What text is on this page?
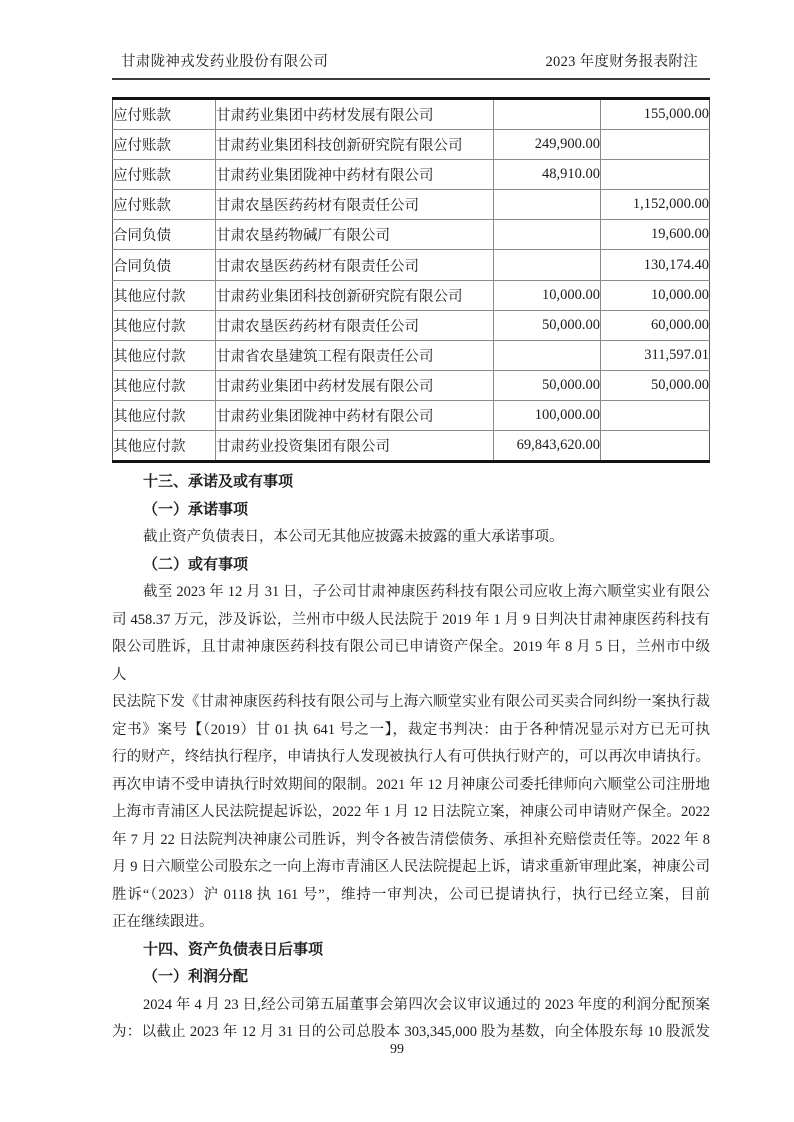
甘肃陇神戎发药业股份有限公司	2023 年度财务报表附注
应付账款	甘肃药业集团中药材发展有限公司		155,000.00
应付账款	甘肃药业集团科技创新研究院有限公司	249,900.00	
应付账款	甘肃药业集团陇神中药材有限公司	48,910.00	
应付账款	甘肃农垦医药药材有限责任公司		1,152,000.00
合同负债	甘肃农垦药物碱厂有限公司		19,600.00
合同负债	甘肃农垦医药药材有限责任公司		130,174.40
其他应付款	甘肃药业集团科技创新研究院有限公司	10,000.00	10,000.00
其他应付款	甘肃农垦医药药材有限责任公司	50,000.00	60,000.00
其他应付款	甘肃省农垦建筑工程有限责任公司		311,597.01
其他应付款	甘肃药业集团中药材发展有限公司	50,000.00	50,000.00
其他应付款	甘肃药业集团陇神中药材有限公司	100,000.00	
其他应付款	甘肃药业投资集团有限公司	69,843,620.00	
十三、承诺及或有事项
（一）承诺事项
截止资产负债表日，本公司无其他应披露未披露的重大承诺事项。
（二）或有事项
截至 2023 年 12 月 31 日，子公司甘肃神康医药科技有限公司应收上海六顺堂实业有限公
司 458.37 万元，涉及诉讼，兰州市中级人民法院于 2019 年 1 月 9 日判决甘肃神康医药科技有
限公司胜诉，且甘肃神康医药科技有限公司已申请资产保全。2019 年 8 月 5 日，兰州市中级人
民法院下发《甘肃神康医药科技有限公司与上海六顺堂实业有限公司买卖合同纠纷一案执行裁
定书》案号【（2019）甘 01 执 641 号之一】，裁定书判决：由于各种情况显示对方已无可执
行的财产，终结执行程序，申请执行人发现被执行人有可供执行财产的，可以再次申请执行。
再次申请不受申请执行时效期间的限制。2021 年 12 月神康公司委托律师向六顺堂公司注册地
上海市青浦区人民法院提起诉讼，2022 年 1 月 12 日法院立案，神康公司申请财产保全。2022
年 7 月 22 日法院判决神康公司胜诉，判令各被告清偿债务、承担补充赔偿责任等。2022 年 8
月 9 日六顺堂公司股东之一向上海市青浦区人民法院提起上诉，请求重新审理此案，神康公司
胜诉“（2023）沪 0118 执 161 号”，维持一审判决，公司已提请执行，执行已经立案，目前
正在继续跟进。
十四、资产负债表日后事项
（一）利润分配
2024 年 4 月 23 日,经公司第五届董事会第四次会议审议通过的 2023 年度的利润分配预案
为：以截止 2023 年 12 月 31 日的公司总股本 303,345,000 股为基数，向全体股东每 10 股派发
99
